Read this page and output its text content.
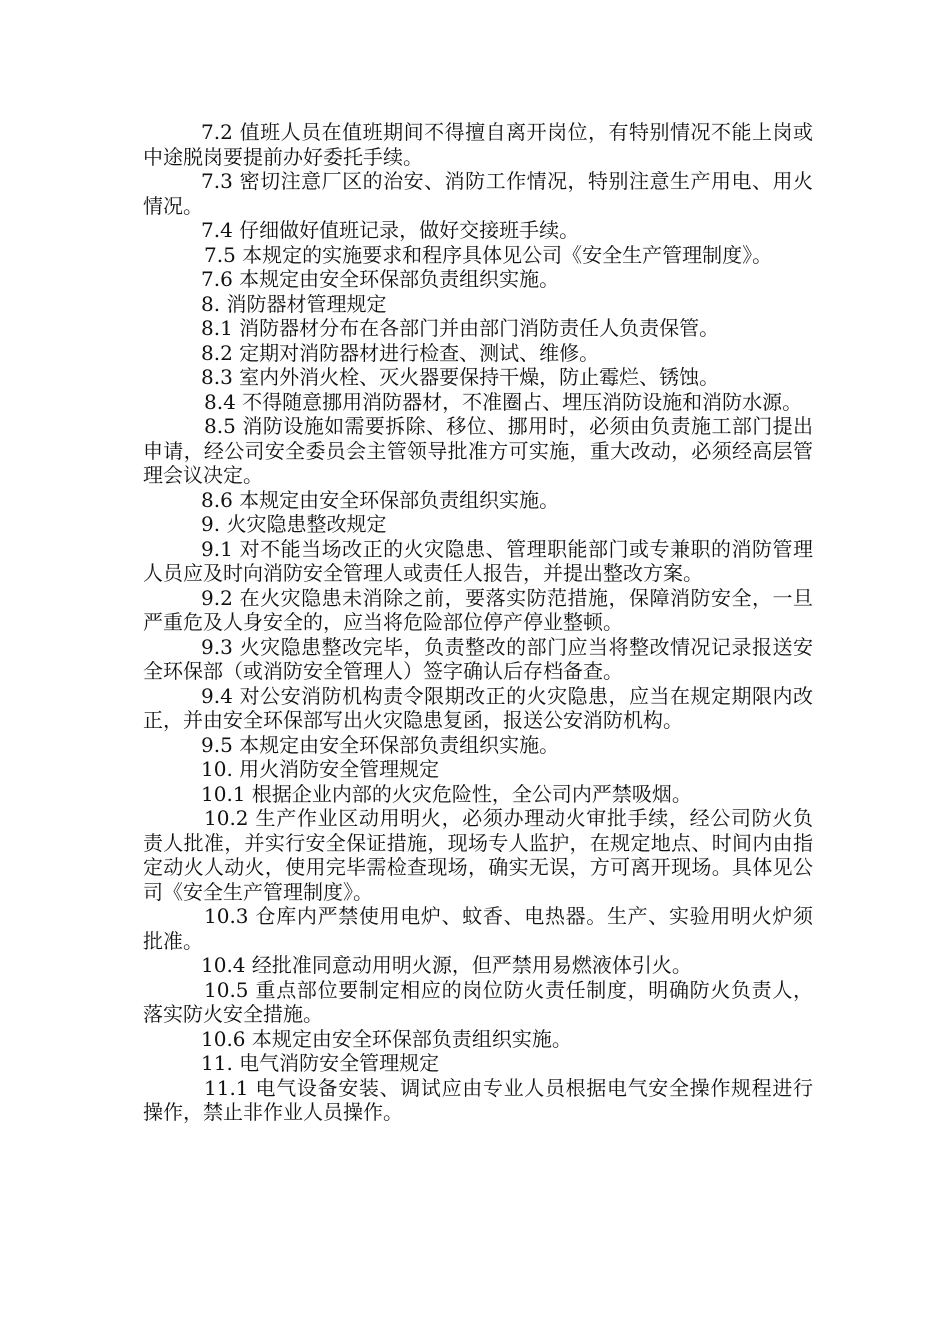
7.2 值班人员在值班期间不得擅自离开岗位，有特别情况不能上岗或中途脱岗要提前办好委托手续。

7.3 密切注意厂区的治安、消防工作情况，特别注意生产用电、用火情况。

7.4 仔细做好值班记录，做好交接班手续。

7.5 本规定的实施要求和程序具体见公司《安全生产管理制度》。

7.6 本规定由安全环保部负责组织实施。

8. 消防器材管理规定

8.1 消防器材分布在各部门并由部门消防责任人负责保管。

8.2 定期对消防器材进行检查、测试、维修。

8.3 室内外消火栓、灭火器要保持干燥，防止霉烂、锈蚀。

8.4 不得随意挪用消防器材，不准圈占、埋压消防设施和消防水源。

8.5 消防设施如需要拆除、移位、挪用时，必须由负责施工部门提出申请，经公司安全委员会主管领导批准方可实施，重大改动，必须经高层管理会议决定。

8.6 本规定由安全环保部负责组织实施。

9. 火灾隐患整改规定

9.1 对不能当场改正的火灾隐患、管理职能部门或专兼职的消防管理人员应及时向消防安全管理人或责任人报告，并提出整改方案。

9.2 在火灾隐患未消除之前，要落实防范措施，保障消防安全，一旦严重危及人身安全的，应当将危险部位停产停业整顿。

9.3 火灾隐患整改完毕，负责整改的部门应当将整改情况记录报送安全环保部（或消防安全管理人）签字确认后存档备查。

9.4 对公安消防机构责令限期改正的火灾隐患，应当在规定期限内改正，并由安全环保部写出火灾隐患复函，报送公安消防机构。

9.5 本规定由安全环保部负责组织实施。

10. 用火消防安全管理规定

10.1 根据企业内部的火灾危险性，全公司内严禁吸烟。

10.2 生产作业区动用明火，必须办理动火审批手续，经公司防火负责人批准，并实行安全保证措施，现场专人监护，在规定地点、时间内由指定动火人动火，使用完毕需检查现场，确实无误，方可离开现场。具体见公司《安全生产管理制度》。

10.3 仓库内严禁使用电炉、蚊香、电热器。生产、实验用明火炉须批准。

10.4 经批准同意动用明火源，但严禁用易燃液体引火。

10.5 重点部位要制定相应的岗位防火责任制度，明确防火负责人，落实防火安全措施。

10.6 本规定由安全环保部负责组织实施。

11. 电气消防安全管理规定

11.1 电气设备安装、调试应由专业人员根据电气安全操作规程进行操作，禁止非作业人员操作。
